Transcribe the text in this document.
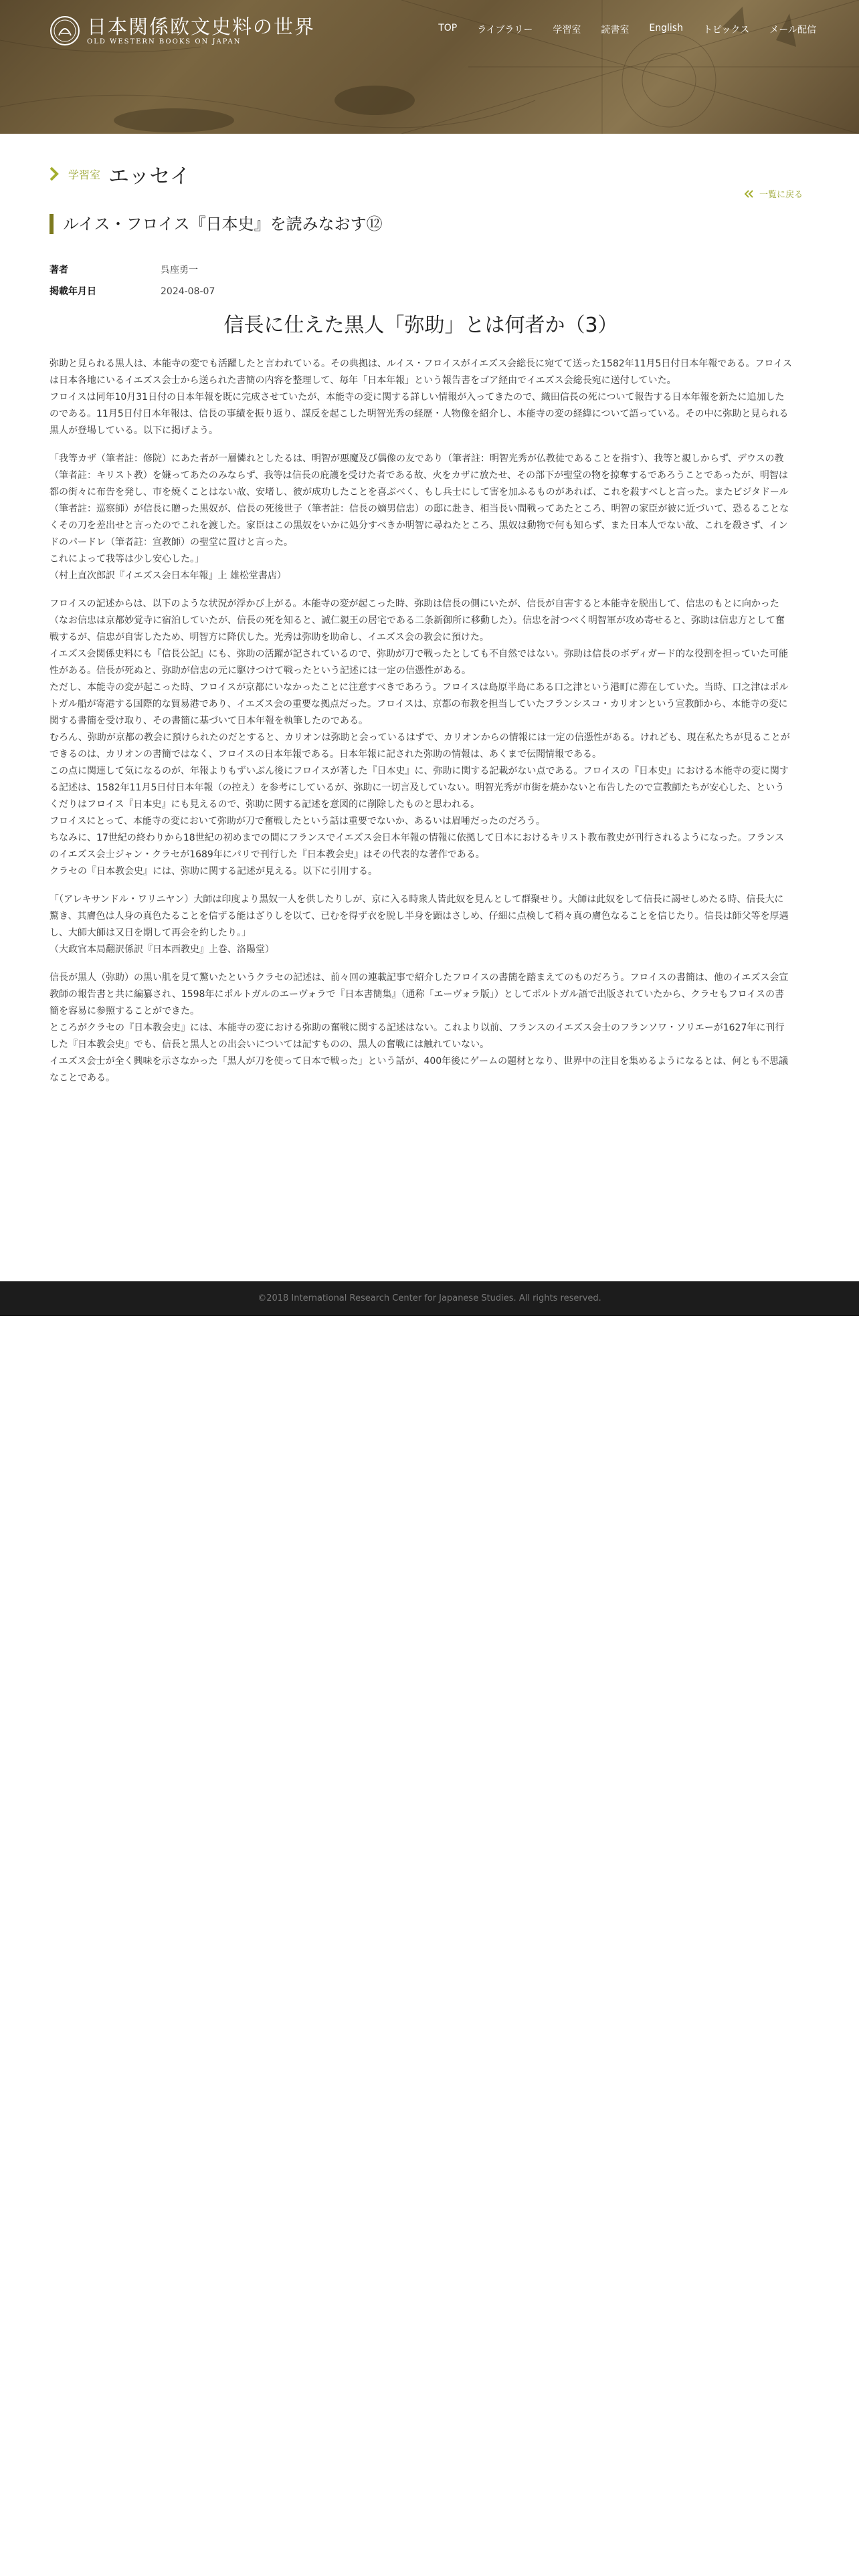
日本関係欧文史料の世界
OLD WESTERN BOOKS ON JAPAN
TOP ライブラリー 学習室 読書室 English トピックス メール配信
学習室 エッセイ
一覧に戻る
ルイス・フロイス『日本史』を読みなおす⑫
著者	呉座勇一
掲載年月日	2024-08-07
信長に仕えた黒人「弥助」とは何者か（3）

弥助と見られる黒人は、本能寺の変でも活躍したと言われている。その典拠は、ルイス・フロイスがイエズス会総長に宛てて送った1582年11月5日付日本年報である。フロイスは日本各地にいるイエズス会士から送られた書簡の内容を整理して、毎年「日本年報」という報告書をゴア経由でイエズス会総長宛に送付していた。
フロイスは同年10月31日付の日本年報を既に完成させていたが、本能寺の変に関する詳しい情報が入ってきたので、織田信長の死について報告する日本年報を新たに追加したのである。11月5日付日本年報は、信長の事績を振り返り、謀反を起こした明智光秀の経歴・人物像を紹介し、本能寺の変の経緯について語っている。その中に弥助と見られる黒人が登場している。以下に掲げよう。

「我等カザ（筆者註：修院）にあた者が一層憐れとしたるは、明智が悪魔及び偶像の友であり（筆者註：明智光秀が仏教徒であることを指す）、我等と親しからず、デウスの教（筆者註：キリスト教）を嫌ってあたのみならず、我等は信長の庇護を受けた者である故、火をカザに放たせ、その部下が聖堂の物を掠奪するであろうことであったが、明智は都の街々に布告を発し、市を焼くことはない故、安堵し、彼が成功したことを喜ぶべく、もし兵士にして害を加ふるものがあれば、これを殺すべしと言った。またビジタドール（筆者註：巡察師）が信長に贈った黒奴が、信長の死後世子（筆者註：信長の嫡男信忠）の邸に赴き、相当長い間戦ってあたところ、明智の家臣が彼に近づいて、恐るることなくその刀を差出せと言ったのでこれを渡した。家臣はこの黒奴をいかに処分すべきか明智に尋ねたところ、黒奴は動物で何も知らず、また日本人でない故、これを殺さず、インドのパードレ（筆者註：宣教師）の聖堂に置けと言った。
これによって我等は少し安心した。」
（村上直次郎訳『イエズス会日本年報』上 雄松堂書店）

フロイスの記述からは、以下のような状況が浮かび上がる。本能寺の変が起こった時、弥助は信長の側にいたが、信長が自害すると本能寺を脱出して、信忠のもとに向かった（なお信忠は京都妙覚寺に宿泊していたが、信長の死を知ると、誠仁親王の居宅である二条新御所に移動した）。信忠を討つべく明智軍が攻め寄せると、弥助は信忠方として奮戦するが、信忠が自害したため、明智方に降伏した。光秀は弥助を助命し、イエズス会の教会に預けた。
イエズス会関係史料にも『信長公記』にも、弥助の活躍が記されているので、弥助が刀で戦ったとしても不自然ではない。弥助は信長のボディガード的な役割を担っていた可能性がある。信長が死ぬと、弥助が信忠の元に駆けつけて戦ったという記述には一定の信憑性がある。
ただし、本能寺の変が起こった時、フロイスが京都にいなかったことに注意すべきであろう。フロイスは島原半島にある口之津という港町に滞在していた。当時、口之津はポルトガル船が寄港する国際的な貿易港であり、イエズス会の重要な拠点だった。フロイスは、京都の布教を担当していたフランシスコ・カリオンという宣教師から、本能寺の変に関する書簡を受け取り、その書簡に基づいて日本年報を執筆したのである。
むろん、弥助が京都の教会に預けられたのだとすると、カリオンは弥助と会っているはずで、カリオンからの情報には一定の信憑性がある。けれども、現在私たちが見ることができるのは、カリオンの書簡ではなく、フロイスの日本年報である。日本年報に記された弥助の情報は、あくまで伝聞情報である。
この点に関連して気になるのが、年報よりもずいぶん後にフロイスが著した『日本史』に、弥助に関する記載がない点である。フロイスの『日本史』における本能寺の変に関する記述は、1582年11月5日付日本年報（の控え）を参考にしているが、弥助に一切言及していない。明智光秀が市街を焼かないと布告したので宣教師たちが安心した、というくだりはフロイス『日本史』にも見えるので、弥助に関する記述を意図的に削除したものと思われる。
フロイスにとって、本能寺の変において弥助が刀で奮戦したという話は重要でないか、あるいは眉唾だったのだろう。
ちなみに、17世紀の終わりから18世紀の初めまでの間にフランスでイエズス会日本年報の情報に依拠して日本におけるキリスト教布教史が刊行されるようになった。フランスのイエズス会士ジャン・クラセが1689年にパリで刊行した『日本教会史』はその代表的な著作である。
クラセの『日本教会史』には、弥助に関する記述が見える。以下に引用する。

「（アレキサンドル・ワリニヤン）大師は印度より黒奴一人を供したりしが、京に入る時衆人皆此奴を見んとして群聚せり。大師は此奴をして信長に謁せしめたる時、信長大に驚き、其膚色は人身の真色たることを信ずる能はざりしを以て、已むを得ず衣を脱し半身を顕はさしめ、仔細に点検して稍々真の膚色なることを信じたり。信長は師父等を厚遇し、大師大師は又日を期して再会を約したり。」
（大政官本局翻訳係訳『日本西教史』上巻、洛陽堂）

信長が黒人（弥助）の黒い肌を見て驚いたというクラセの記述は、前々回の連載記事で紹介したフロイスの書簡を踏まえてのものだろう。フロイスの書簡は、他のイエズス会宣教師の報告書と共に編纂され、1598年にポルトガルのエーヴォラで『日本書簡集』（通称「エーヴォラ版」）としてポルトガル語で出版されていたから、クラセもフロイスの書簡を容易に参照することができた。
ところがクラセの『日本教会史』には、本能寺の変における弥助の奮戦に関する記述はない。これより以前、フランスのイエズス会士のフランソワ・ソリエーが1627年に刊行した『日本教会史』でも、信長と黒人との出会いについては記すものの、黒人の奮戦には触れていない。
イエズス会士が全く興味を示さなかった「黒人が刀を使って日本で戦った」という話が、400年後にゲームの題材となり、世界中の注目を集めるようになるとは、何とも不思議なことである。

©2018 International Research Center for Japanese Studies. All rights reserved.
